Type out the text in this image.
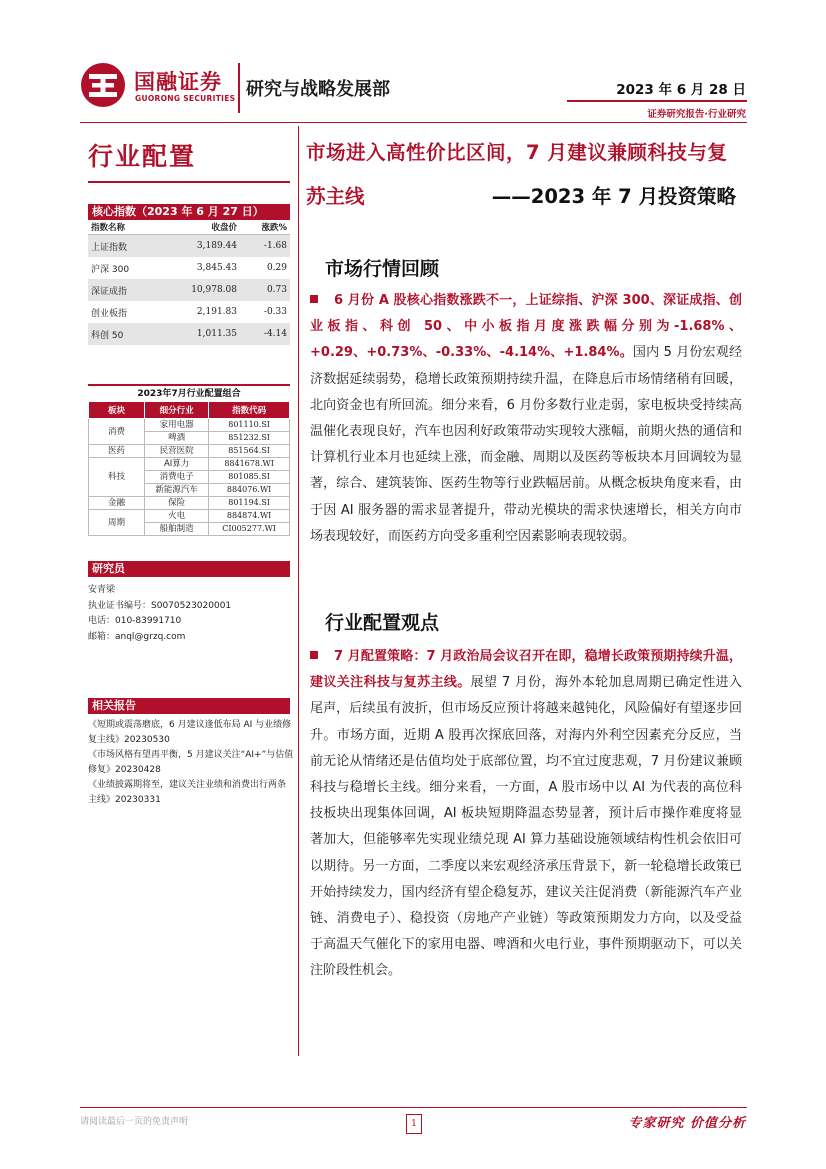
国融证券
GUORONG SECURITIES 研究与战略发展部	2023 年 6 月 28 日
证券研究报告·行业研究
行业配置
核心指数（2023 年 6 月 27 日）
指数名称	收盘价	涨跌%
上证指数	3,189.44	-1.68
沪深 300	3,845.43	0.29
深证成指	10,978.08	0.73
创业板指	2,191.83	-0.33
科创 50	1,011.35	-4.14
2023年7月行业配置组合
板块	细分行业	指数代码
消费	家用电器	801110.SI
	啤酒	851232.SI
医药	民营医院	851564.SI
科技	AI算力	8841678.WI
	消费电子	801085.SI
	新能源汽车	884076.WI
金融	保险	801194.SI
周期	火电	884874.WI
	船舶制造	CI005277.WI
研究员
安青梁
执业证书编号：S0070523020001
电话：010-83991710
邮箱：anql@grzq.com
相关报告
《短期或震荡磨底，6 月建议逢低布局 AI 与业绩修复主线》20230530
《市场风格有望再平衡，5 月建议关注“AI+”与估值修复》20230428
《业绩披露期将至，建议关注业绩和消费出行两条主线》20230331
市场进入高性价比区间，7 月建议兼顾科技与复
苏主线	——2023 年 7 月投资策略
市场行情回顾
6 月份 A 股核心指数涨跌不一，上证综指、沪深 300、深证成指、创业板指、科创 50、中小板指月度涨跌幅分别为-1.68%、+0.29、+0.73%、-0.33%、-4.14%、+1.84%。国内 5 月份宏观经济数据延续弱势，稳增长政策预期持续升温，在降息后市场情绪稍有回暖，北向资金也有所回流。细分来看，6 月份多数行业走弱，家电板块受持续高温催化表现良好，汽车也因利好政策带动实现较大涨幅，前期火热的通信和计算机行业本月也延续上涨，而金融、周期以及医药等板块本月回调较为显著，综合、建筑装饰、医药生物等行业跌幅居前。从概念板块角度来看，由于因 AI 服务器的需求显著提升，带动光模块的需求快速增长，相关方向市场表现较好，而医药方向受多重利空因素影响表现较弱。
行业配置观点
7 月配置策略：7 月政治局会议召开在即，稳增长政策预期持续升温，建议关注科技与复苏主线。展望 7 月份，海外本轮加息周期已确定性进入尾声，后续虽有波折，但市场反应预计将越来越钝化，风险偏好有望逐步回升。市场方面，近期 A 股再次探底回落，对海内外利空因素充分反应，当前无论从情绪还是估值均处于底部位置，均不宜过度悲观，7 月份建议兼顾科技与稳增长主线。细分来看，一方面，A 股市场中以 AI 为代表的高位科技板块出现集体回调，AI 板块短期降温态势显著，预计后市操作难度将显著加大，但能够率先实现业绩兑现 AI 算力基础设施领域结构性机会依旧可以期待。另一方面，二季度以来宏观经济承压背景下，新一轮稳增长政策已开始持续发力，国内经济有望企稳复苏，建议关注促消费（新能源汽车产业链、消费电子）、稳投资（房地产产业链）等政策预期发力方向，以及受益于高温天气催化下的家用电器、啤酒和火电行业，事件预期驱动下，可以关注阶段性机会。
请阅读最后一页的免责声明	1	专家研究 价值分析
